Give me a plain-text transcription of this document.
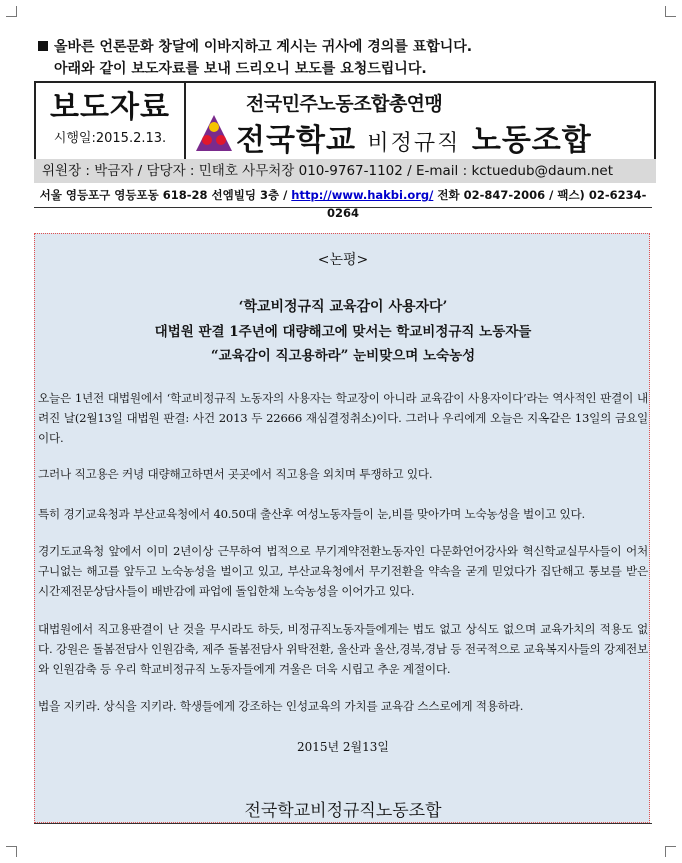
올바른 언론문화 창달에 이바지하고 계시는 귀사에 경의를 표합니다.
아래와 같이 보도자료를 보내 드리오니 보도를 요청드립니다.
보도자료
시행일:2015.2.13.
전국민주노동조합총연맹
전국학교 비정규직 노동조합
위원장 : 박금자 / 담당자 : 민태호 사무처장 010-9767-1102 / E-mail : kctuedub@daum.net
서울 영등포구 영등포동 618-28 선엠빌딩 3층 / http://www.hakbi.org/ 전화 02-847-2006 / 팩스) 02-6234-0264
<논평>
‘학교비정규직 교육감이 사용자다’
대법원 판결 1주년에 대량해고에 맞서는 학교비정규직 노동자들
“교육감이 직고용하라” 눈비맞으며 노숙농성
오늘은 1년전 대법원에서 ‘학교비정규직 노동자의 사용자는 학교장이 아니라 교육감이 사용자이다’라는 역사적인 판결이 내려진 날(2월13일 대법원 판결: 사건 2013 두 22666 재심결정취소)이다. 그러나 우리에게 오늘은 지옥같은 13일의 금요일이다.
그러나 직고용은 커녕 대량해고하면서 곳곳에서 직고용을 외치며 투쟁하고 있다.
특히 경기교육청과 부산교육청에서 40.50대 출산후 여성노동자들이 눈,비를 맞아가며 노숙농성을 벌이고 있다.
경기도교육청 앞에서 이미 2년이상 근무하여 법적으로 무기계약전환노동자인 다문화언어강사와 혁신학교실무사들이 어처구니없는 해고를 앞두고 노숙농성을 벌이고 있고, 부산교육청에서 무기전환을 약속을 굳게 믿었다가 집단해고 통보를 받은 시간제전문상담사들이 배반감에 파업에 돌입한채 노숙농성을 이어가고 있다.
대법원에서 직고용판결이 난 것을 무시라도 하듯, 비정규직노동자들에게는 법도 없고 상식도 없으며 교육가치의 적용도 없다. 강원은 돌봄전담사 인원감축, 제주 돌봄전담사 위탁전환, 울산과 울산,경북,경남 등 전국적으로 교육복지사들의 강제전보와 인원감축 등 우리 학교비정규직 노동자들에게 겨울은 더욱 시립고 추운 계절이다.
법을 지키라. 상식을 지키라. 학생들에게 강조하는 인성교육의 가치를 교육감 스스로에게 적용하라.
2015년 2월13일
전국학교비정규직노동조합
